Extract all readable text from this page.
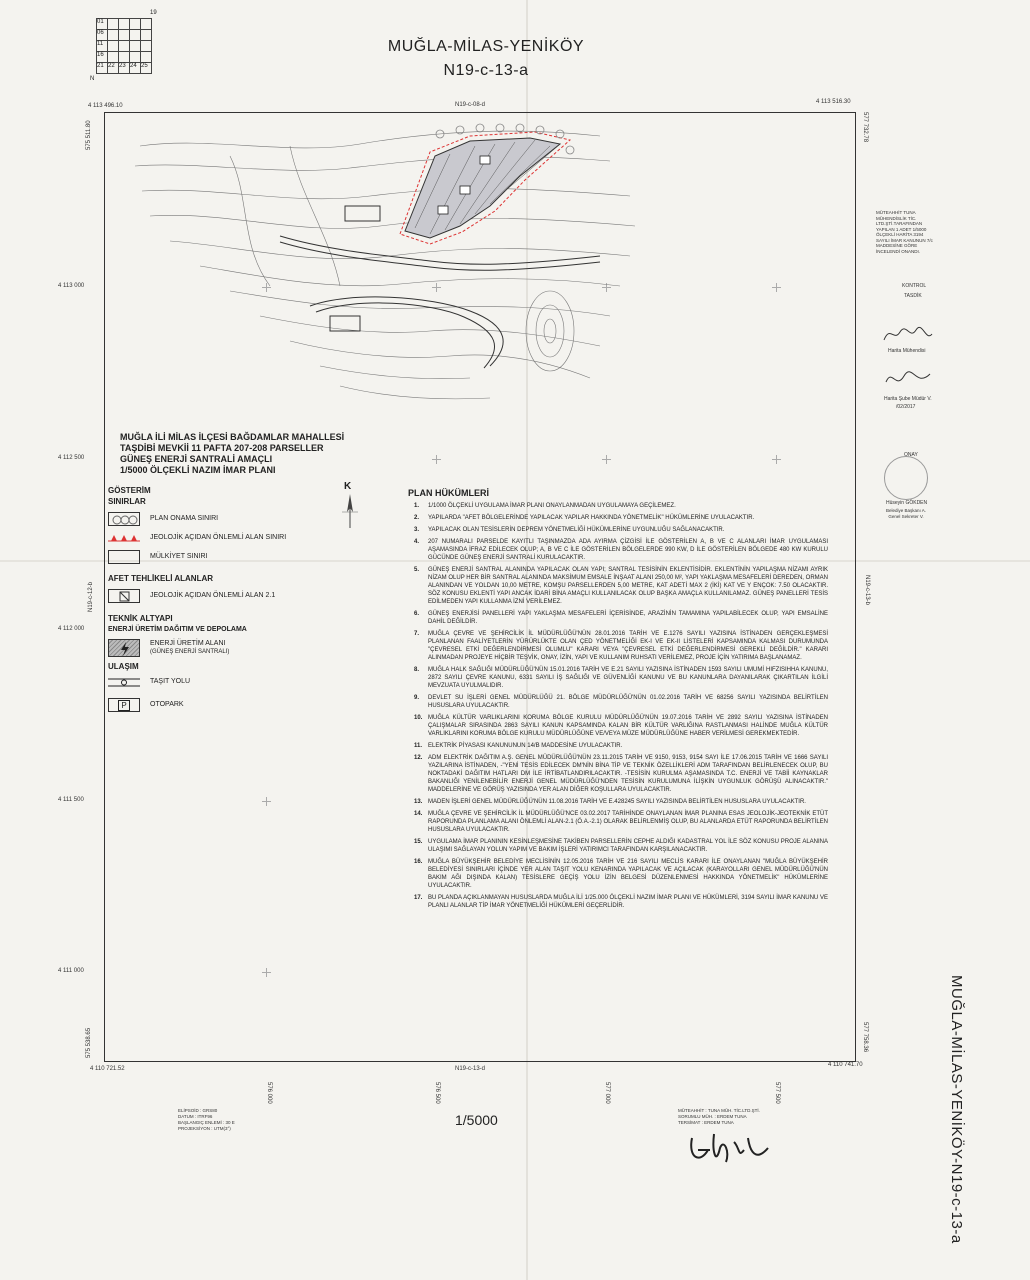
19
01				
06				
11				
16				
21	22	23	24	25
N
MUĞLA-MİLAS-YENİKÖY
N19-c-13-a
N19-c-08-d
N19-c-13-d
N19-c-12-b	N19-c-13-b
4 113 496.10
4 113 516.30
4 110 721.52
4 110 741.70
575 511.80	577 732.78
575 538.65	577 758.36
4 113 000
4 112 500
4 112 000
4 111 500
4 111 000
576 000	576 500	577 000	577 500
MUĞLA İLİ MİLAS İLÇESİ BAĞDAMLAR MAHALLESİ
TAŞDİBİ MEVKİİ 11 PAFTA 207-208 PARSELLER
GÜNEŞ ENERJİ SANTRALİ AMAÇLI
1/5000 ÖLÇEKLİ NAZIM İMAR PLANI
GÖSTERİM
SINIRLAR
PLAN ONAMA SINIRI
JEOLOJİK AÇIDAN ÖNLEMLİ ALAN SINIRI
MÜLKİYET SINIRI
AFET TEHLİKELİ ALANLAR
JEOLOJİK AÇIDAN ÖNLEMLİ ALAN 2.1
TEKNİK ALTYAPI
ENERJİ ÜRETİM DAĞITIM VE DEPOLAMA
ENERJİ ÜRETİM ALANI
(GÜNEŞ ENERJİ SANTRALI)
ULAŞIM
TAŞIT YOLU
P	OTOPARK
K
PLAN HÜKÜMLERİ
1.	1/1000 ÖLÇEKLİ UYGULAMA İMAR PLANI ONAYLANMADAN UYGULAMAYA GEÇİLEMEZ.
2.	YAPILARDA "AFET BÖLGELERİNDE YAPILACAK YAPILAR HAKKINDA YÖNETMELİK" HÜKÜMLERİNE UYULACAKTIR.
3.	YAPILACAK OLAN TESİSLERİN DEPREM YÖNETMELİĞİ HÜKÜMLERİNE UYGUNLUĞU SAĞLANACAKTIR.
4.	207 NUMARALI PARSELDE KAYITLI TAŞINMAZDA ADA AYIRMA ÇİZGİSİ İLE GÖSTERİLEN A, B VE C ALANLARI İMAR UYGULAMASI AŞAMASINDA İFRAZ EDİLECEK OLUP; A, B VE C İLE GÖSTERİLEN BÖLGELERDE 990 KW, D İLE GÖSTERİLEN BÖLGEDE 480 KW KURULU GÜCÜNDE GÜNEŞ ENERJİ SANTRALİ KURULACAKTIR.
5.	GÜNEŞ ENERJİ SANTRAL ALANINDA YAPILACAK OLAN YAPI; SANTRAL TESİSİNİN EKLENTİSİDİR. EKLENTİNİN YAPILAŞMA NİZAMI AYRIK NİZAM OLUP HER BİR SANTRAL ALANINDA MAKSİMUM EMSALE İNŞAAT ALANI 250,00 M², YAPI YAKLAŞMA MESAFELERİ DEREDEN, ORMAN ALANINDAN VE YOLDAN 10,00 METRE, KOMŞU PARSELLERDEN 5,00 METRE, KAT ADETİ MAX 2 (İKİ) KAT VE Y ENÇOK: 7.50 OLACAKTIR. SÖZ KONUSU EKLENTİ YAPI ANCAK İDARİ BİNA AMAÇLI KULLANILACAK OLUP BAŞKA AMAÇLA KULLANILAMAZ. GÜNEŞ PANELLERİ TESİS EDİLMEDEN YAPI KULLANMA İZNİ VERİLEMEZ.
6.	GÜNEŞ ENERJİSİ PANELLERİ YAPI YAKLAŞMA MESAFELERİ İÇERİSİNDE, ARAZİNİN TAMAMINA YAPILABİLECEK OLUP, YAPI EMSALİNE DAHİL DEĞİLDİR.
7.	MUĞLA ÇEVRE VE ŞEHİRCİLİK İL MÜDÜRLÜĞÜ'NÜN 28.01.2016 TARİH VE E.1276 SAYILI YAZISINA İSTİNADEN GERÇEKLEŞMESİ PLANLANAN FAALİYETLERİN YÜRÜRLÜKTE OLAN ÇED YÖNETMELİĞİ EK-I VE EK-II LİSTELERİ KAPSAMINDA KALMASI DURUMUNDA "ÇEVRESEL ETKİ DEĞERLENDİRMESİ OLUMLU" KARARI VEYA "ÇEVRESEL ETKİ DEĞERLENDİRMESİ GEREKLİ DEĞİLDİR." KARARI ALINMADAN PROJEYE HİÇBİR TEŞVİK, ONAY, İZİN, YAPI VE KULLANIM RUHSATI VERİLEMEZ, PROJE İÇİN YATIRIMA BAŞLANAMAZ.
8.	MUĞLA HALK SAĞLIĞI MÜDÜRLÜĞÜ'NÜN 15.01.2016 TARİH VE E.21 SAYILI YAZISINA İSTİNADEN 1593 SAYILI UMUMİ HIFZISIHHA KANUNU, 2872 SAYILI ÇEVRE KANUNU, 6331 SAYILI İŞ SAĞLIĞI VE GÜVENLİĞİ KANUNU VE BU KANUNLARA DAYANILARAK ÇIKARTILAN İLGİLİ MEVZUATA UYULMALIDIR.
9.	DEVLET SU İŞLERİ GENEL MÜDÜRLÜĞÜ 21. BÖLGE MÜDÜRLÜĞÜ'NÜN 01.02.2016 TARİH VE 68256 SAYILI YAZISINDA BELİRTİLEN HUSUSLARA UYULACAKTIR.
10. MUĞLA KÜLTÜR VARLIKLARINI KORUMA BÖLGE KURULU MÜDÜRLÜĞÜ'NÜN 19.07.2016 TARİH VE 2892 SAYILI YAZISINA İSTİNADEN ÇALIŞMALAR SIRASINDA 2863 SAYILI KANUN KAPSAMINDA KALAN BİR KÜLTÜR VARLIĞINA RASTLANMASI HALİNDE MUĞLA KÜLTÜR VARLIKLARINI KORUMA BÖLGE KURULU MÜDÜRLÜĞÜNE VE/VEYA MÜZE MÜDÜRLÜĞÜNE HABER VERİLMESİ GEREKMEKTEDİR.
11. ELEKTRİK PİYASASI KANUNUNUN 14/B MADDESİNE UYULACAKTIR.
12. ADM ELEKTRİK DAĞITIM A.Ş. GENEL MÜDÜRLÜĞÜ'NÜN 23.11.2015 TARİH VE 9150, 9153, 9154 SAYI İLE 17.06.2015 TARİH VE 1666 SAYILI YAZILARINA İSTİNADEN, -"YENİ TESİS EDİLECEK DM'NİN BİNA TİP VE TEKNİK ÖZELLİKLERİ ADM TARAFINDAN BELİRLENECEK OLUP, BU NOKTADAKİ DAĞITIM HATLARI DM İLE İRTİBATLANDIRILACAKTIR. -TESİSİN KURULMA AŞAMASINDA T.C. ENERJİ VE TABİİ KAYNAKLAR BAKANLIĞI YENİLENEBİLİR ENERJİ GENEL MÜDÜRLÜĞÜ'NDEN TESİSİN KURULUMUNA İLİŞKİN UYGUNLUK GÖRÜŞÜ ALINACAKTIR." MADDELERİNE VE GÖRÜŞ YAZISINDA YER ALAN DİĞER KOŞULLARA UYULACAKTIR.
13. MADEN İŞLERİ GENEL MÜDÜRLÜĞÜ'NÜN 11.08.2016 TARİH VE E.428245 SAYILI YAZISINDA BELİRTİLEN HUSUSLARA UYULACAKTIR.
14. MUĞLA ÇEVRE VE ŞEHİRCİLİK İL MÜDÜRLÜĞÜ'NCE 03.02.2017 TARİHİNDE ONAYLANAN İMAR PLANINA ESAS JEOLOJİK-JEOTEKNİK ETÜT RAPORUNDA PLANLAMA ALANI ÖNLEMLİ ALAN-2.1 (Ö.A.-2.1) OLARAK BELİRLENMİŞ OLUP, BU ALANLARDA ETÜT RAPORUNDA BELİRTİLEN HUSUSLARA UYULACAKTIR.
15. UYGULAMA İMAR PLANININ KESİNLEŞMESİNE TAKİBEN PARSELLERİN CEPHE ALDIĞI KADASTRAL YOL İLE SÖZ KONUSU PROJE ALANINA ULAŞIMI SAĞLAYAN YOLUN YAPIM VE BAKIM İŞLERİ YATIRIMCI TARAFINDAN KARŞILANACAKTIR.
16. MUĞLA BÜYÜKŞEHİR BELEDİYE MECLİSİNİN 12.05.2016 TARİH VE 216 SAYILI MECLİS KARARI İLE ONAYLANAN "MUĞLA BÜYÜKŞEHİR BELEDİYESİ SINIRLARI İÇİNDE YER ALAN TAŞIT YOLU KENARINDA YAPILACAK VE AÇILACAK (KARAYOLLARI GENEL MÜDÜRLÜĞÜ'NÜN BAKIM AĞI DIŞINDA KALAN) TESİSLERE GEÇİŞ YOLU İZİN BELGESİ DÜZENLENMESİ HAKKINDA YÖNETMELİK" HÜKÜMLERİNE UYULACAKTIR.
17. BU PLANDA AÇIKLANMAYAN HUSUSLARDA MUĞLA İLİ 1/25.000 ÖLÇEKLİ NAZIM İMAR PLANI VE HÜKÜMLERİ, 3194 SAYILI İMAR KANUNU VE PLANLI ALANLAR TİP İMAR YÖNETMELİĞİ HÜKÜMLERİ GEÇERLİDİR.
MÜTEAHHİT TUNA MÜHENDİSLİK TİC. LTD.ŞTİ.TARAFINDAN YAPILAN 1 ADET 1/5000 ÖLÇEKLİ HARİTA 3194 SAYILI İMAR KANUNUN 7/c MADDESİNE GÖRE İNCELENDİ ONANDI.
KONTROL
TASDİK
Harita Mühendisi
Harita Şube Müdür V.
/02/2017
ONAY
Hüseyin GÖKDEN
Belediye Başkanı A. Genel Sekreter V.
MUĞLA-MİLAS-YENİKÖY-N19-c-13-a
ELİPSOİD : GRS80
DATUM : ITRF96
BAŞLANGIÇ ENLEMİ : 30 E
PROJEKSİYON : UTM(3°)
MÜTEAHHİT : TUNA MÜH. TİC.LTD.ŞTİ.
SORUMLU MÜH. : ERDEM TUNA
TERSİMAT : ERDEM TUNA
1/5000
